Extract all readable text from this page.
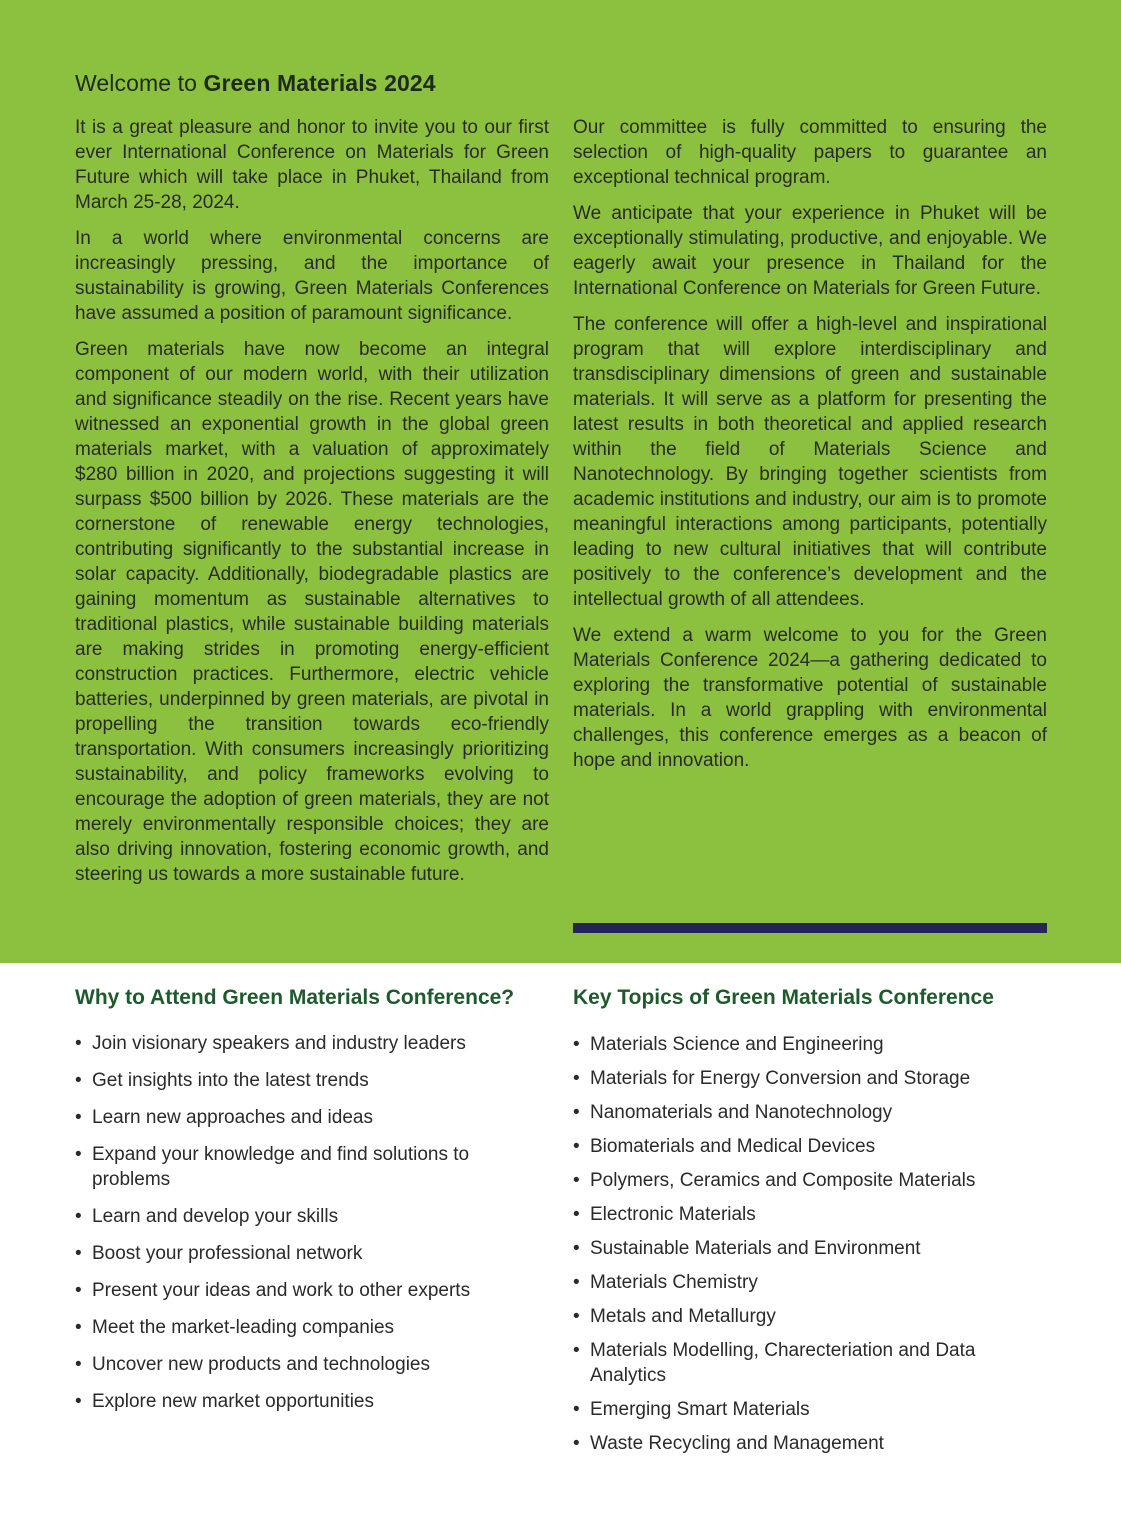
Welcome to Green Materials 2024

It is a great pleasure and honor to invite you to our first ever International Conference on Materials for Green Future which will take place in Phuket, Thailand from March 25-28, 2024.

In a world where environmental concerns are increasingly pressing, and the importance of sustainability is growing, Green Materials Conferences have assumed a position of paramount significance.

Green materials have now become an integral component of our modern world, with their utilization and significance steadily on the rise. Recent years have witnessed an exponential growth in the global green materials market, with a valuation of approximately $280 billion in 2020, and projections suggesting it will surpass $500 billion by 2026. These materials are the cornerstone of renewable energy technologies, contributing significantly to the substantial increase in solar capacity. Additionally, biodegradable plastics are gaining momentum as sustainable alternatives to traditional plastics, while sustainable building materials are making strides in promoting energy-efficient construction practices. Furthermore, electric vehicle batteries, underpinned by green materials, are pivotal in propelling the transition towards eco-friendly transportation. With consumers increasingly prioritizing sustainability, and policy frameworks evolving to encourage the adoption of green materials, they are not merely environmentally responsible choices; they are also driving innovation, fostering economic growth, and steering us towards a more sustainable future.

Our committee is fully committed to ensuring the selection of high-quality papers to guarantee an exceptional technical program.

We anticipate that your experience in Phuket will be exceptionally stimulating, productive, and enjoyable. We eagerly await your presence in Thailand for the International Conference on Materials for Green Future.

The conference will offer a high-level and inspirational program that will explore interdisciplinary and transdisciplinary dimensions of green and sustainable materials. It will serve as a platform for presenting the latest results in both theoretical and applied research within the field of Materials Science and Nanotechnology. By bringing together scientists from academic institutions and industry, our aim is to promote meaningful interactions among participants, potentially leading to new cultural initiatives that will contribute positively to the conference’s development and the intellectual growth of all attendees.

We extend a warm welcome to you for the Green Materials Conference 2024—a gathering dedicated to exploring the transformative potential of sustainable materials. In a world grappling with environmental challenges, this conference emerges as a beacon of hope and innovation.

Why to Attend Green Materials Conference?	Key Topics of Green Materials Conference
• Join visionary speakers and industry leaders
• Get insights into the latest trends
• Learn new approaches and ideas
• Expand your knowledge and find solutions to problems
• Learn and develop your skills
• Boost your professional network
• Present your ideas and work to other experts
• Meet the market-leading companies
• Uncover new products and technologies
• Explore new market opportunities
• Materials Science and Engineering
• Materials for Energy Conversion and Storage
• Nanomaterials and Nanotechnology
• Biomaterials and Medical Devices
• Polymers, Ceramics and Composite Materials
• Electronic Materials
• Sustainable Materials and Environment
• Materials Chemistry
• Metals and Metallurgy
• Materials Modelling, Charecteriation and Data Analytics
• Emerging Smart Materials
• Waste Recycling and Management
